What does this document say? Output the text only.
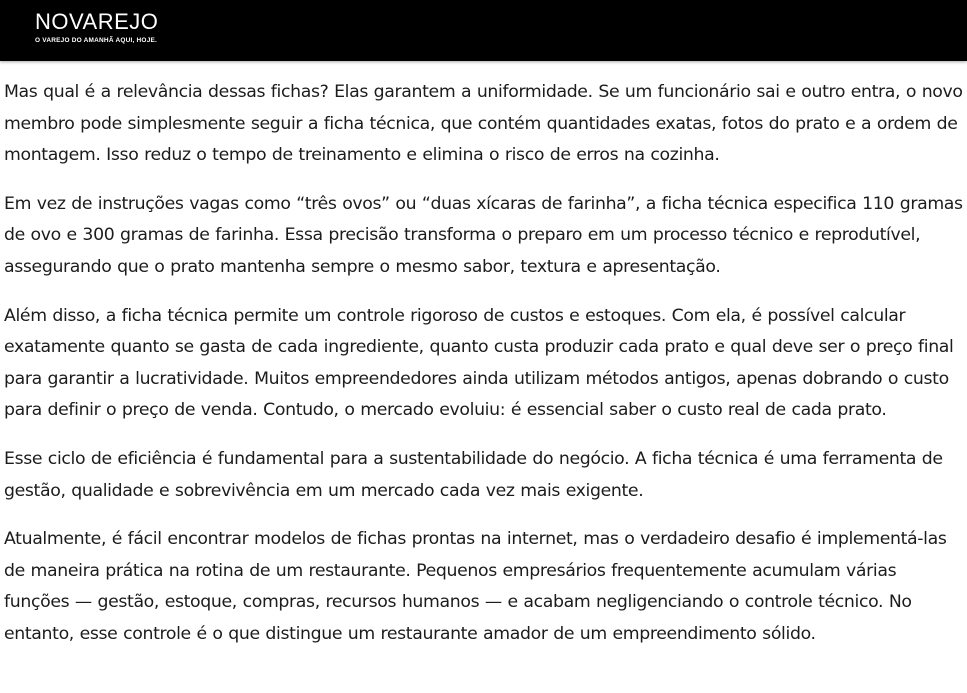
NOVAREJO
O VAREJO DO AMANHÃ AQUI, HOJE.

Mas qual é a relevância dessas fichas? Elas garantem a uniformidade. Se um funcionário sai e outro entra, o novo membro pode simplesmente seguir a ficha técnica, que contém quantidades exatas, fotos do prato e a ordem de montagem. Isso reduz o tempo de treinamento e elimina o risco de erros na cozinha.

Em vez de instruções vagas como “três ovos” ou “duas xícaras de farinha”, a ficha técnica especifica 110 gramas de ovo e 300 gramas de farinha. Essa precisão transforma o preparo em um processo técnico e reprodutível, assegurando que o prato mantenha sempre o mesmo sabor, textura e apresentação.

Além disso, a ficha técnica permite um controle rigoroso de custos e estoques. Com ela, é possível calcular exatamente quanto se gasta de cada ingrediente, quanto custa produzir cada prato e qual deve ser o preço final para garantir a lucratividade. Muitos empreendedores ainda utilizam métodos antigos, apenas dobrando o custo para definir o preço de venda. Contudo, o mercado evoluiu: é essencial saber o custo real de cada prato.

Esse ciclo de eficiência é fundamental para a sustentabilidade do negócio. A ficha técnica é uma ferramenta de gestão, qualidade e sobrevivência em um mercado cada vez mais exigente.

Atualmente, é fácil encontrar modelos de fichas prontas na internet, mas o verdadeiro desafio é implementá-las de maneira prática na rotina de um restaurante. Pequenos empresários frequentemente acumulam várias funções — gestão, estoque, compras, recursos humanos — e acabam negligenciando o controle técnico. No entanto, esse controle é o que distingue um restaurante amador de um empreendimento sólido.
